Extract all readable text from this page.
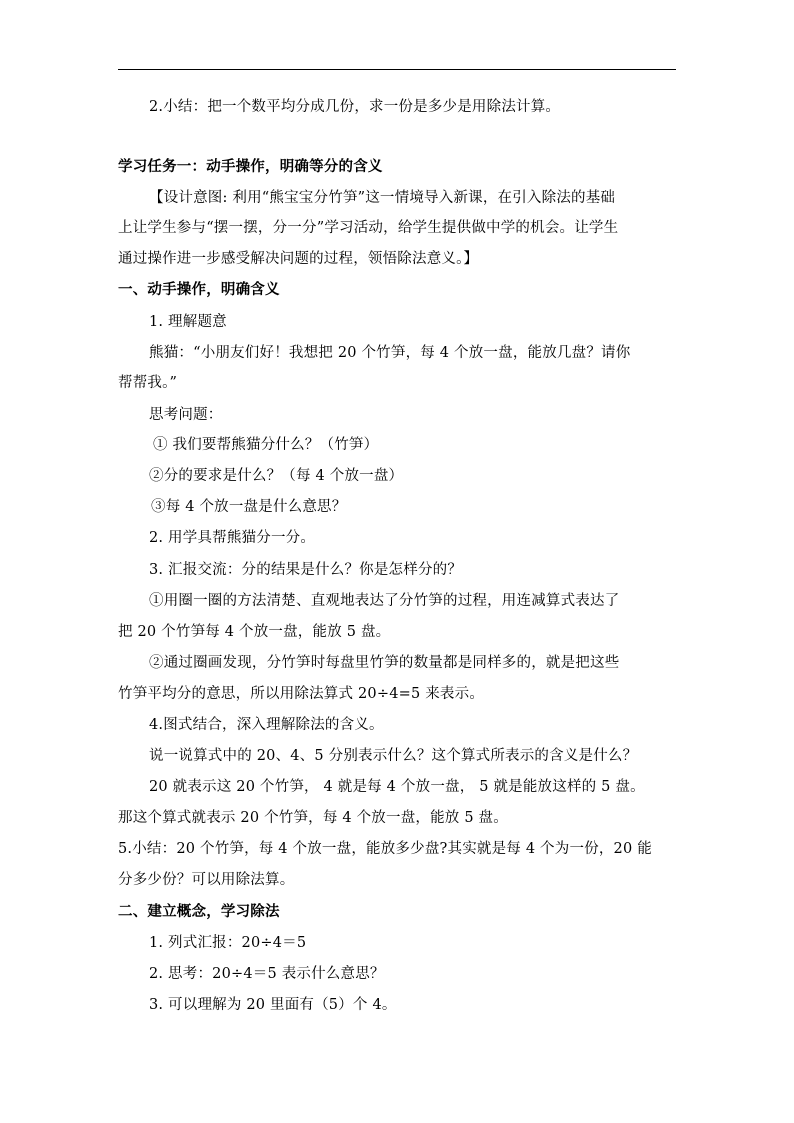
2.小结：把一个数平均分成几份，求一份是多少是用除法计算。
学习任务一：动手操作，明确等分的含义
【设计意图: 利用“熊宝宝分竹笋”这一情境导入新课，在引入除法的基础
上让学生参与“摆一摆，分一分”学习活动，给学生提供做中学的机会。让学生
通过操作进一步感受解决问题的过程，领悟除法意义。】
一、动手操作，明确含义
1. 理解题意
熊猫：“小朋友们好！我想把 20 个竹笋，每 4 个放一盘，能放几盘？请你
帮帮我。”
思考问题：
① 我们要帮熊猫分什么？（竹笋）
②分的要求是什么？（每 4 个放一盘）
③每 4 个放一盘是什么意思？
2. 用学具帮熊猫分一分。
3. 汇报交流：分的结果是什么？你是怎样分的？
①用圈一圈的方法清楚、直观地表达了分竹笋的过程，用连减算式表达了
把 20 个竹笋每 4 个放一盘，能放 5 盘。
②通过圈画发现，分竹笋时每盘里竹笋的数量都是同样多的，就是把这些
竹笋平均分的意思，所以用除法算式 20÷4=5 来表示。
4.图式结合，深入理解除法的含义。
说一说算式中的 20、4、5 分别表示什么？这个算式所表示的含义是什么？
20 就表示这 20 个竹笋， 4 就是每 4 个放一盘， 5 就是能放这样的 5 盘。
那这个算式就表示 20 个竹笋，每 4 个放一盘，能放 5 盘。
5.小结：20 个竹笋，每 4 个放一盘，能放多少盘?其实就是每 4 个为一份，20 能
分多少份？可以用除法算。
二、建立概念，学习除法
1. 列式汇报：20÷4＝5
2. 思考：20÷4＝5 表示什么意思？
3. 可以理解为 20 里面有（5）个 4。
